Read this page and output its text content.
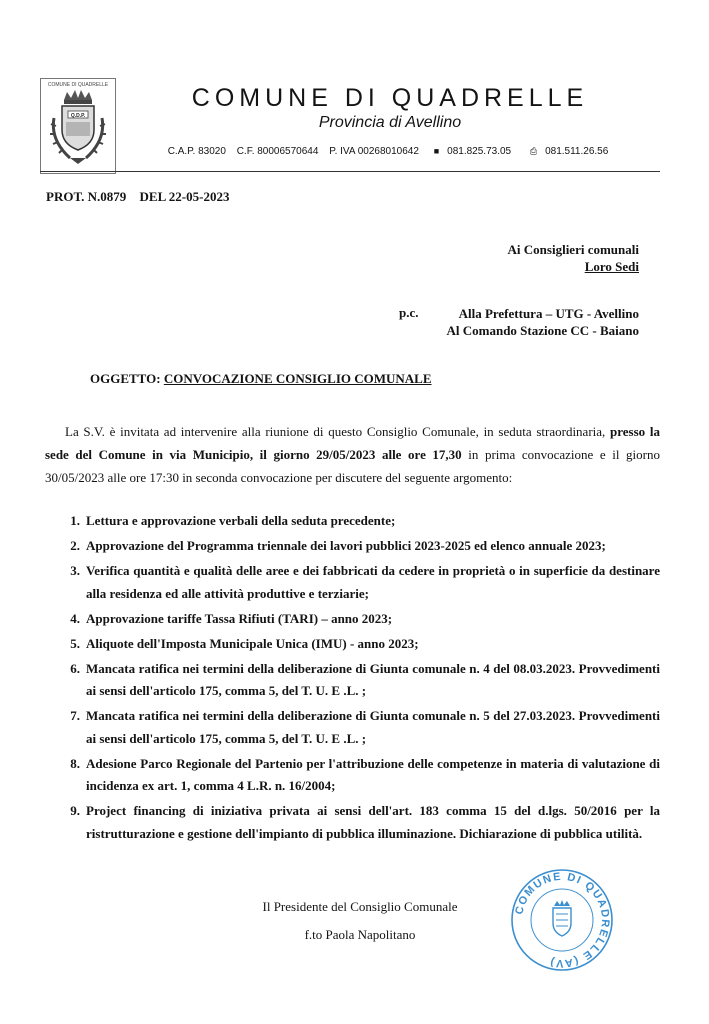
COMUNE DI QUADRELLE
Q.D.P.
COMUNE DI QUADRELLE
Provincia di Avellino
C.A.P. 83020 C.F. 80006570644 P. IVA 00268010642 ■ 081.825.73.05 ⎙ 081.511.26.56
PROT. N.0879 DEL 22-05-2023
Ai Consiglieri comunali
Loro Sedi
p.c.	Alla Prefettura – UTG - Avellino
Al Comando Stazione CC - Baiano
OGGETTO: CONVOCAZIONE CONSIGLIO COMUNALE
La S.V. è invitata ad intervenire alla riunione di questo Consiglio Comunale, in seduta straordinaria, presso la sede del Comune in via Municipio, il giorno 29/05/2023 alle ore 17,30 in prima convocazione e il giorno 30/05/2023 alle ore 17:30 in seconda convocazione per discutere del seguente argomento:
1. Lettura e approvazione verbali della seduta precedente;
2. Approvazione del Programma triennale dei lavori pubblici 2023-2025 ed elenco annuale 2023;
3. Verifica quantità e qualità delle aree e dei fabbricati da cedere in proprietà o in superficie da destinare alla residenza ed alle attività produttive e terziarie;
4. Approvazione tariffe Tassa Rifiuti (TARI) – anno 2023;
5. Aliquote dell'Imposta Municipale Unica (IMU) - anno 2023;
6. Mancata ratifica nei termini della deliberazione di Giunta comunale n. 4 del 08.03.2023. Provvedimenti ai sensi dell'articolo 175, comma 5, del T. U. E .L. ;
7. Mancata ratifica nei termini della deliberazione di Giunta comunale n. 5 del 27.03.2023. Provvedimenti ai sensi dell'articolo 175, comma 5, del T. U. E .L. ;
8. Adesione Parco Regionale del Partenio per l'attribuzione delle competenze in materia di valutazione di incidenza ex art. 1, comma 4 L.R. n. 16/2004;
9. Project financing di iniziativa privata ai sensi dell'art. 183 comma 15 del d.lgs. 50/2016 per la ristrutturazione e gestione dell'impianto di pubblica illuminazione. Dichiarazione di pubblica utilità.
Il Presidente del Consiglio Comunale
f.to Paola Napolitano
COMUNE DI QUADRELLE (AV)
